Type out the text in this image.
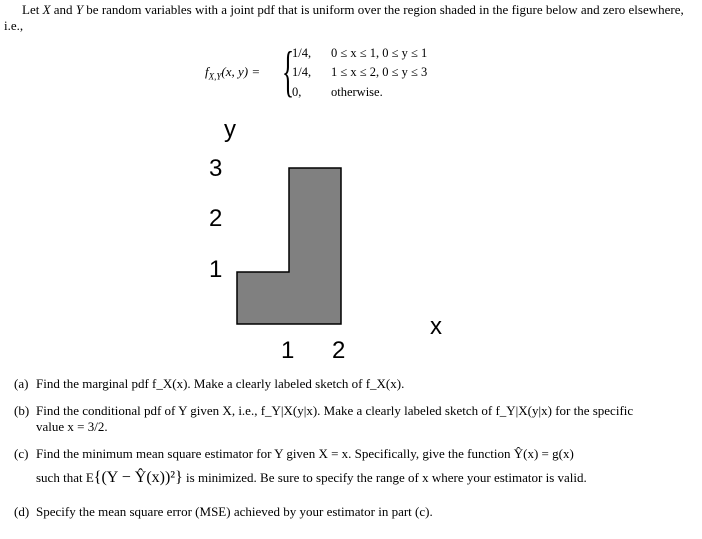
Let X and Y be random variables with a joint pdf that is uniform over the region shaded in the figure below and zero elsewhere, i.e.,
$f_{X,Y}(x$, y) = {
1/4, 0 ≤ x ≤ 1, 0 ≤ y ≤ 1
1/4, 1 ≤ x ≤ 2, 0 ≤ y ≤ 3
0, otherwise.
y
3
2
1
x
1 2
(a) Find the marginal pdf f_X(x). Make a clearly labeled sketch of f_X(x).
(b) Find the conditional pdf of Y given X, i.e., f_Y|X(y|x). Make a clearly labeled sketch of f_Y|X(y|x) for the specific value x = 3/2.
(c) Find the minimum mean square estimator for Y given X = x. Specifically, give the function Ŷ(x) = g(x)
such that E{(Y − Ŷ(x))²} is minimized. Be sure to specify the range of x where your estimator is valid.
(d) Specify the mean square error (MSE) achieved by your estimator in part (c).
